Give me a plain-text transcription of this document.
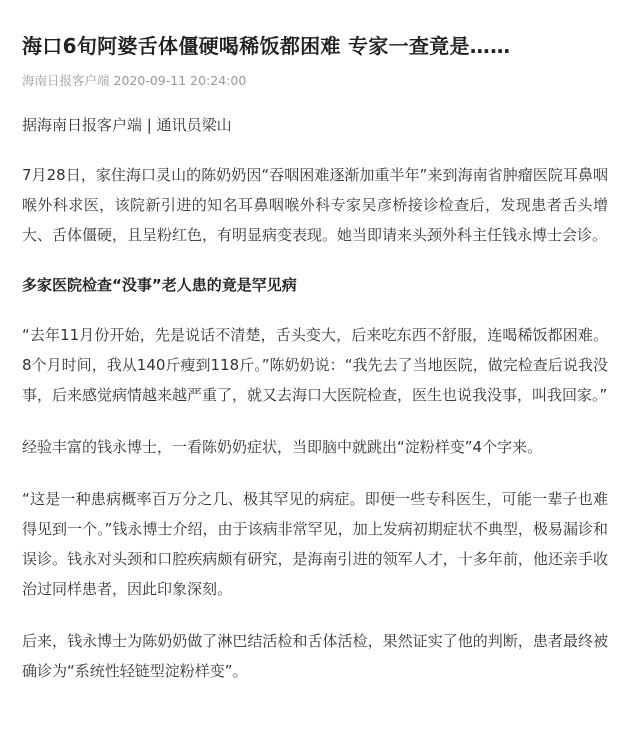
海口6旬阿婆舌体僵硬喝稀饭都困难 专家一查竟是……
海南日报客户端 2020-09-11 20:24:00

据海南日报客户端 | 通讯员梁山

7月28日，家住海口灵山的陈奶奶因“吞咽困难逐渐加重半年”来到海南省肿瘤医院耳鼻咽喉外科求医，该院新引进的知名耳鼻咽喉外科专家吴彦桥接诊检查后，发现患者舌头增大、舌体僵硬，且呈粉红色，有明显病变表现。她当即请来头颈外科主任钱永博士会诊。

多家医院检查“没事”老人患的竟是罕见病

“去年11月份开始，先是说话不清楚，舌头变大，后来吃东西不舒服，连喝稀饭都困难。8个月时间，我从140斤瘦到118斤。”陈奶奶说：“我先去了当地医院，做完检查后说我没事，后来感觉病情越来越严重了，就又去海口大医院检查，医生也说我没事，叫我回家。”

经验丰富的钱永博士，一看陈奶奶症状，当即脑中就跳出“淀粉样变”4个字来。

“这是一种患病概率百万分之几、极其罕见的病症。即便一些专科医生，可能一辈子也难得见到一个。”钱永博士介绍，由于该病非常罕见，加上发病初期症状不典型，极易漏诊和误诊。钱永对头颈和口腔疾病颇有研究，是海南引进的领军人才，十多年前，他还亲手收治过同样患者，因此印象深刻。

后来，钱永博士为陈奶奶做了淋巴结活检和舌体活检，果然证实了他的判断，患者最终被确诊为“系统性轻链型淀粉样变”。
